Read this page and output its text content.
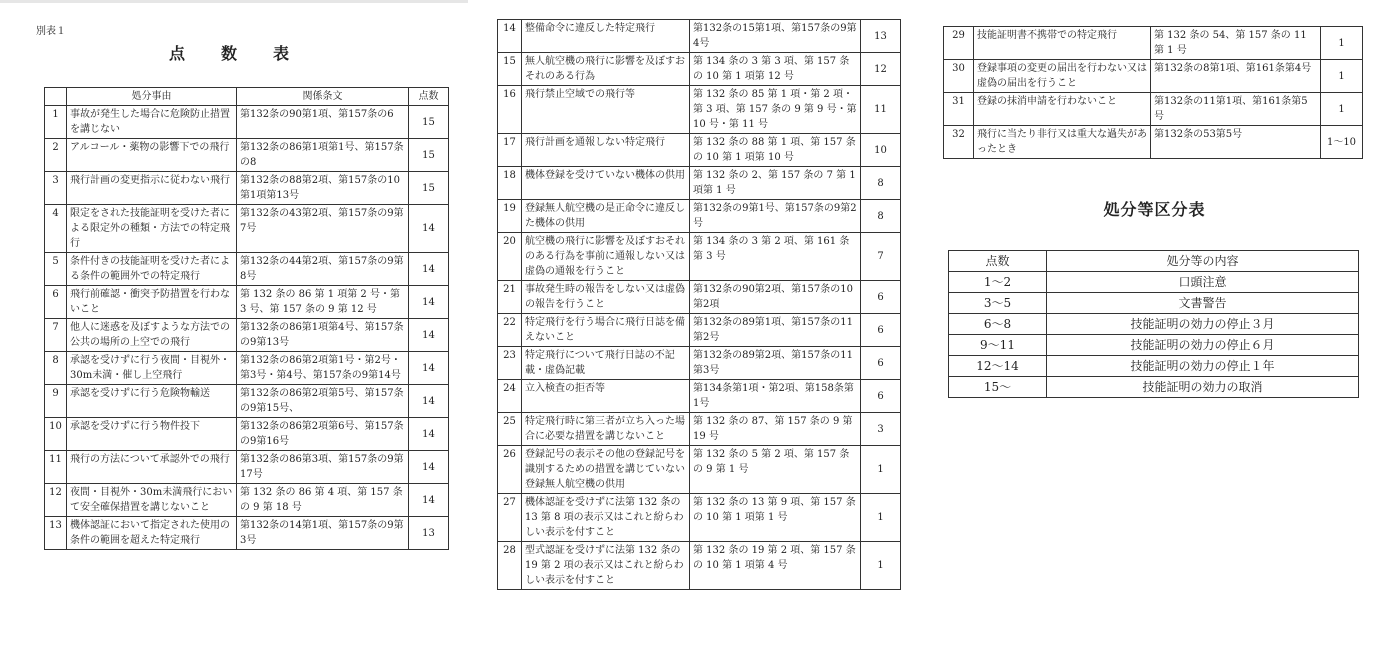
別表１
点　数　表
処分等区分表
	処分事由	関係条文	点数
1	事故が発生した場合に危険防止措置を講じない	第132条の90第1項、第157条の6	15
2	アルコール・薬物の影響下での飛行	第132条の86第1項第1号、第157条の8	15
3	飛行計画の変更指示に従わない飛行	第132条の88第2項、第157条の10第1項第13号	15
4	限定をされた技能証明を受けた者による限定外の種類・方法での特定飛行	第132条の43第2項、第157条の9第7号	14
5	条件付きの技能証明を受けた者による条件の範囲外での特定飛行	第132条の44第2項、第157条の9第8号	14
6	飛行前確認・衝突予防措置を行わないこと	第 132 条の 86 第 1 項第 2 号・第 3 号、第 157 条の 9 第 12 号	14
7	他人に迷惑を及ぼすような方法での公共の場所の上空での飛行	第132条の86第1項第4号、第157条の9第13号	14
8	承認を受けずに行う夜間・目視外・30m未満・催し上空飛行	第132条の86第2項第1号・第2号・第3号・第4号、第157条の9第14号	14
9	承認を受けずに行う危険物輸送	第132条の86第2項第5号、第157条の9第15号、	14
10	承認を受けずに行う物件投下	第132条の86第2項第6号、第157条の9第16号	14
11	飛行の方法について承認外での飛行	第132条の86第3項、第157条の9第17号	14
12	夜間・目視外・30m未満飛行において安全確保措置を講じないこと	第 132 条の 86 第 4 項、第 157 条の 9 第 18 号	14
13	機体認証において指定された使用の条件の範囲を超えた特定飛行	第132条の14第1項、第157条の9第3号	13
14	整備命令に違反した特定飛行	第132条の15第1項、第157条の9第4号	13
15	無人航空機の飛行に影響を及ぼすおそれのある行為	第 134 条の 3 第 3 項、第 157 条の 10 第 1 項第 12 号	12
16	飛行禁止空域での飛行等	第 132 条の 85 第 1 項・第 2 項・第 3 項、第 157 条の 9 第 9 号・第 10 号・第 11 号	11
17	飛行計画を通報しない特定飛行	第 132 条の 88 第 1 項、第 157 条の 10 第 1 項第 10 号	10
18	機体登録を受けていない機体の供用	第 132 条の 2、第 157 条の 7 第 1 項第 1 号	8
19	登録無人航空機の是正命令に違反した機体の供用	第132条の9第1号、第157条の9第2号	8
20	航空機の飛行に影響を及ぼすおそれのある行為を事前に通報しない又は虚偽の通報を行うこと	第 134 条の 3 第 2 項、第 161 条第 3 号	7
21	事故発生時の報告をしない又は虚偽の報告を行うこと	第132条の90第2項、第157条の10第2項	6
22	特定飛行を行う場合に飛行日誌を備えないこと	第132条の89第1項、第157条の11第2号	6
23	特定飛行について飛行日誌の不記載・虚偽記載	第132条の89第2項、第157条の11第3号	6
24	立入検査の拒否等	第134条第1項・第2項、第158条第1号	6
25	特定飛行時に第三者が立ち入った場合に必要な措置を講じないこと	第 132 条の 87、第 157 条の 9 第 19 号	3
26	登録記号の表示その他の登録記号を識別するための措置を講じていない登録無人航空機の供用	第 132 条の 5 第 2 項、第 157 条の 9 第 1 号	1
27	機体認証を受けずに法第 132 条の 13 第 8 項の表示又はこれと紛らわしい表示を付すこと	第 132 条の 13 第 9 項、第 157 条の 10 第 1 項第 1 号	1
28	型式認証を受けずに法第 132 条の 19 第 2 項の表示又はこれと紛らわしい表示を付すこと	第 132 条の 19 第 2 項、第 157 条の 10 第 1 項第 4 号	1
29	技能証明書不携帯での特定飛行	第 132 条の 54、第 157 条の 11 第 1 号	1
30	登録事項の変更の届出を行わない又は虚偽の届出を行うこと	第132条の8第1項、第161条第4号	1
31	登録の抹消申請を行わないこと	第132条の11第1項、第161条第5号	1
32	飛行に当たり非行又は重大な過失があったとき	第132条の53第5号	1〜10
点数	処分等の内容
1～2	口頭注意
3～5	文書警告
6～8	技能証明の効力の停止３月
9～11	技能証明の効力の停止６月
12～14	技能証明の効力の停止１年
15～	技能証明の効力の取消
